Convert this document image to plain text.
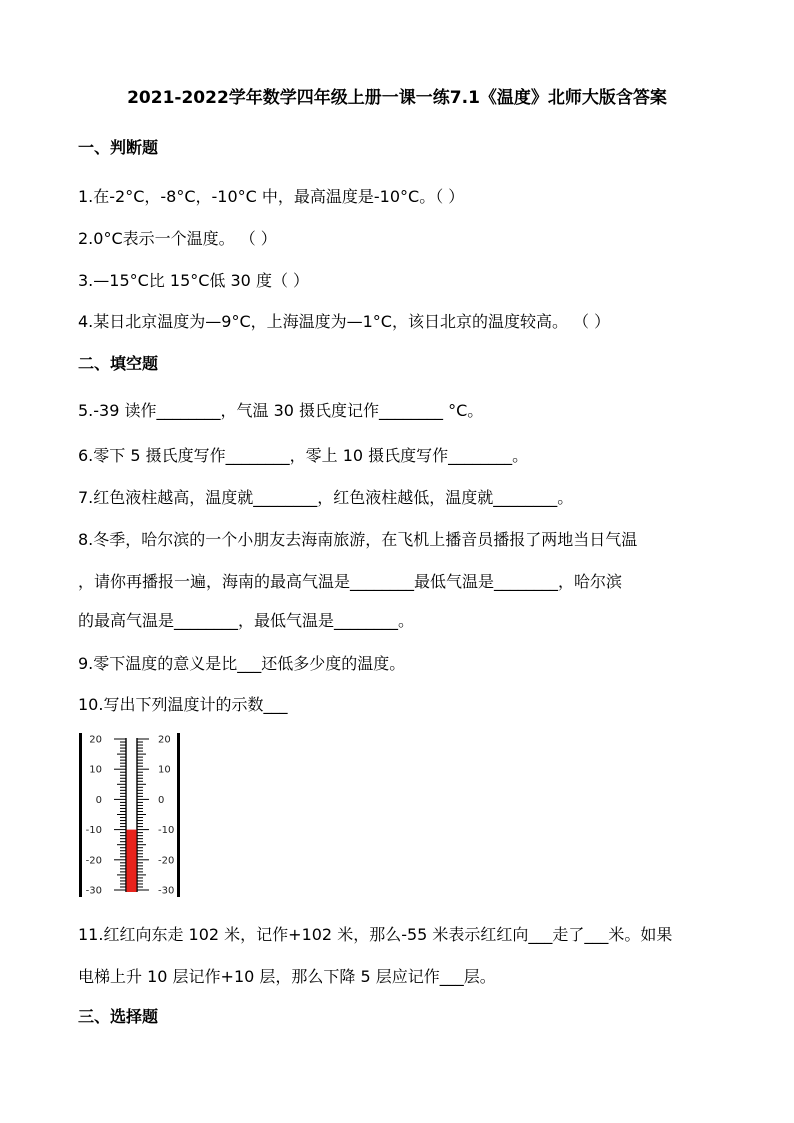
2021-2022学年数学四年级上册一课一练7.1《温度》北师大版含答案
一、判断题
1.在-2°C，-8°C，-10°C 中，最高温度是-10°C。（ ）
2.0°C表示一个温度。 （ ）
3.—15°C比 15°C低 30 度（ ）
4.某日北京温度为—9°C，上海温度为—1°C，该日北京的温度较高。 （ ）
二、填空题
5.-39 读作________，气温 30 摄氏度记作________ °C。
6.零下 5 摄氏度写作________，零上 10 摄氏度写作________。
7.红色液柱越高，温度就________，红色液柱越低，温度就________。
8.冬季，哈尔滨的一个小朋友去海南旅游，在飞机上播音员播报了两地当日气温
，请你再播报一遍，海南的最高气温是________最低气温是________，哈尔滨
的最高气温是________，最低气温是________。
9.零下温度的意义是比___还低多少度的温度。
10.写出下列温度计的示数___
20
10
0
-10
-20
-30
20
10
0
-10
-20
-30
11.红红向东走 102 米，记作+102 米，那么-55 米表示红红向___走了___米。如果
电梯上升 10 层记作+10 层，那么下降 5 层应记作___层。
三、选择题
